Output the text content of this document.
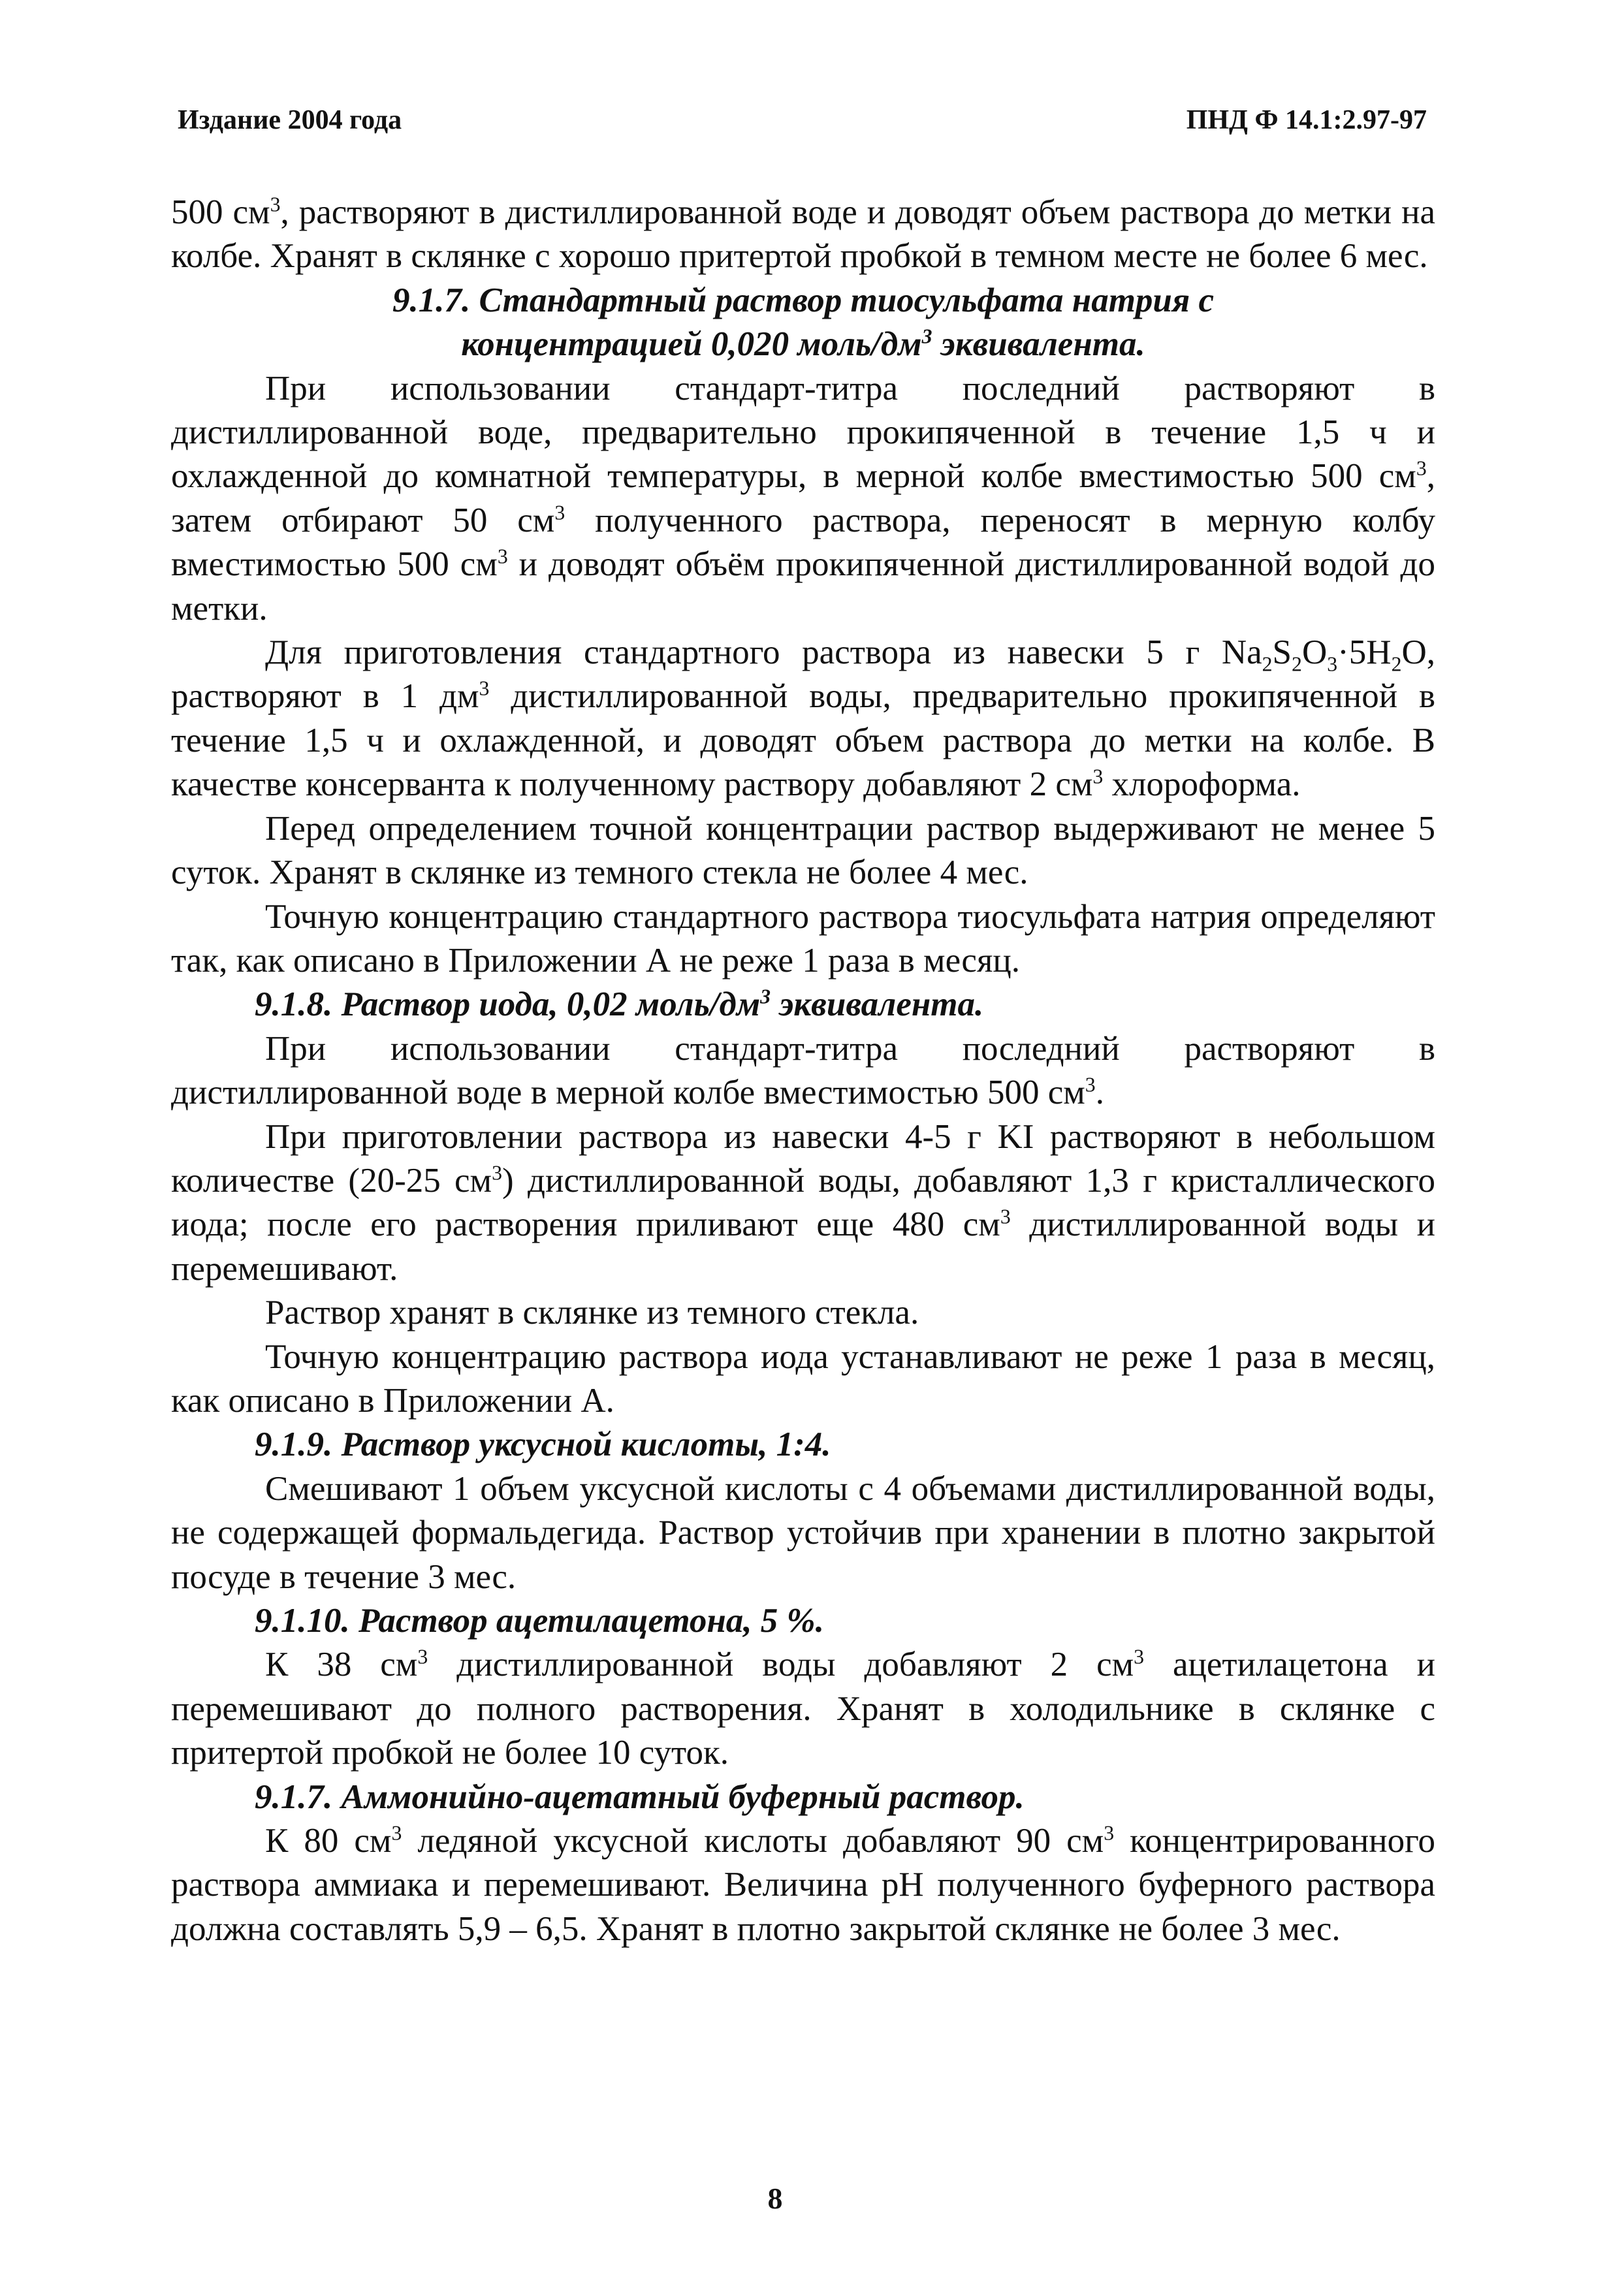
Издание 2004 года	ПНД Ф 14.1:2.97-97

500 $см^3$, растворяют в дистиллированной воде и доводят объем раствора до метки на колбе. Хранят в склянке с хорошо притертой пробкой в темном месте не более 6 мес.

9.1.7. Стандартный раствор тиосульфата натрия с
концентрацией 0,020 моль/$дм^3$ эквивалента.

При использовании стандарт-титра последний растворяют в дистиллированной воде, предварительно прокипяченной в течение 1,5 ч и охлажденной до комнатной температуры, в мерной колбе вместимостью 500 $см^3$, затем отбирают 50 $см^3$ полученного раствора, переносят в мерную колбу вместимостью 500 $см^3$ и доводят объём прокипяченной дистиллированной водой до метки.

Для приготовления стандартного раствора из навески 5 г $Na_2S_2O_3\cdot 5H_2O$, растворяют в 1 $дм^3$ дистиллированной воды, предварительно прокипяченной в течение 1,5 ч и охлажденной, и доводят объем раствора до метки на колбе. В качестве консерванта к полученному раствору добавляют 2 $см^3$ хлороформа.

Перед определением точной концентрации раствор выдерживают не менее 5 суток. Хранят в склянке из темного стекла не более 4 мес.

Точную концентрацию стандартного раствора тиосульфата натрия определяют так, как описано в Приложении А не реже 1 раза в месяц.

9.1.8. Раствор иода, 0,02 моль/$дм^3$ эквивалента.

При использовании стандарт-титра последний растворяют в дистиллированной воде в мерной колбе вместимостью 500 $см^3$.

При приготовлении раствора из навески 4-5 г KI растворяют в небольшом количестве (20-25 $см^3$) дистиллированной воды, добавляют 1,3 г кристаллического иода; после его растворения приливают еще 480 $см^3$ дистиллированной воды и перемешивают.

Раствор хранят в склянке из темного стекла.

Точную концентрацию раствора иода устанавливают не реже 1 раза в месяц, как описано в Приложении А.

9.1.9. Раствор уксусной кислоты, 1:4.

Смешивают 1 объем уксусной кислоты с 4 объемами дистиллированной воды, не содержащей формальдегида. Раствор устойчив при хранении в плотно закрытой посуде в течение 3 мес.

9.1.10. Раствор ацетилацетона, 5 %.

К 38 $см^3$ дистиллированной воды добавляют 2 $см^3$ ацетилацетона и перемешивают до полного растворения. Хранят в холодильнике в склянке с притертой пробкой не более 10 суток.

9.1.7. Аммонийно-ацетатный буферный раствор.

К 80 $см^3$ ледяной уксусной кислоты добавляют 90 $см^3$ концентрированного раствора аммиака и перемешивают. Величина pH полученного буферного раствора должна составлять 5,9 – 6,5. Хранят в плотно закрытой склянке не более 3 мес.

8
